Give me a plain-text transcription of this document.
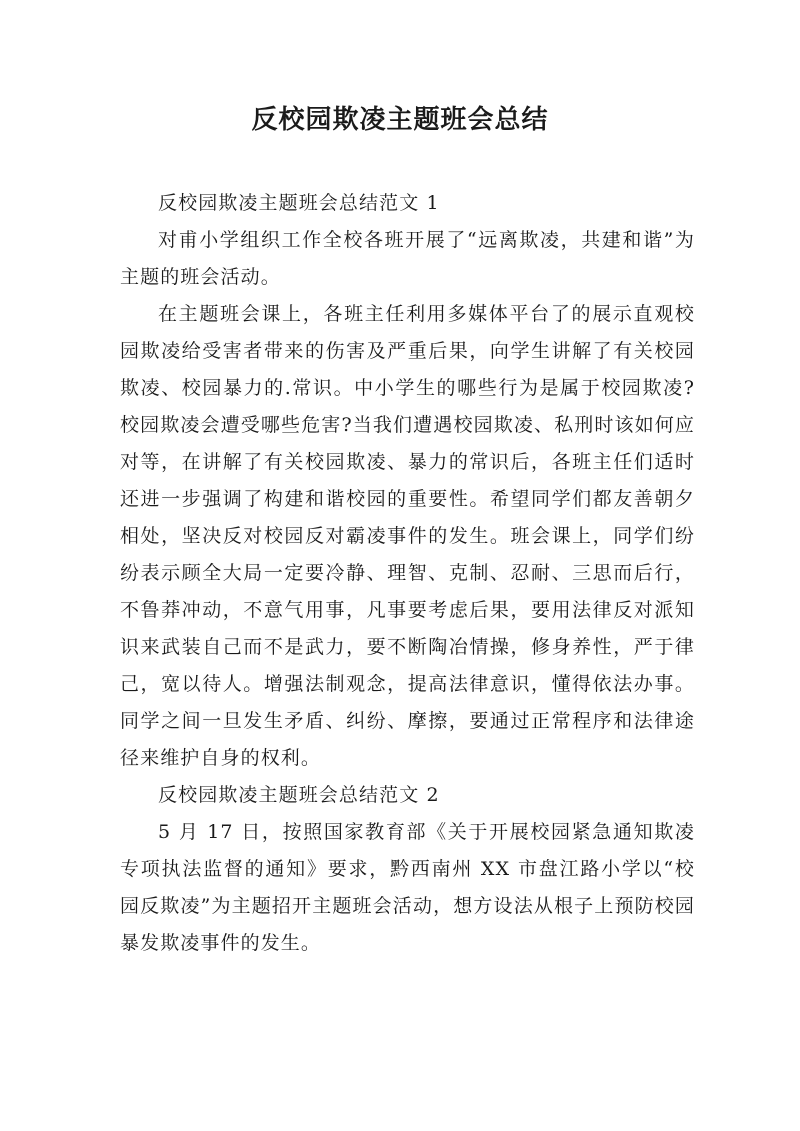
反校园欺凌主题班会总结

反校园欺凌主题班会总结范文 1

对甫小学组织工作全校各班开展了“远离欺凌，共建和谐”为主题的班会活动。

在主题班会课上，各班主任利用多媒体平台了的展示直观校园欺凌给受害者带来的伤害及严重后果，向学生讲解了有关校园欺凌、校园暴力的.常识。中小学生的哪些行为是属于校园欺凌?校园欺凌会遭受哪些危害?当我们遭遇校园欺凌、私刑时该如何应对等，在讲解了有关校园欺凌、暴力的常识后，各班主任们适时还进一步强调了构建和谐校园的重要性。希望同学们都友善朝夕相处，坚决反对校园反对霸凌事件的发生。班会课上，同学们纷纷表示顾全大局一定要冷静、理智、克制、忍耐、三思而后行，不鲁莽冲动，不意气用事，凡事要考虑后果，要用法律反对派知识来武装自己而不是武力，要不断陶冶情操，修身养性，严于律己，宽以待人。增强法制观念，提高法律意识，懂得依法办事。同学之间一旦发生矛盾、纠纷、摩擦，要通过正常程序和法律途径来维护自身的权利。

反校园欺凌主题班会总结范文 2

5 月 17 日，按照国家教育部《关于开展校园紧急通知欺凌专项执法监督的通知》要求，黔西南州 XX 市盘江路小学以“校园反欺凌”为主题招开主题班会活动，想方设法从根子上预防校园暴发欺凌事件的发生。
